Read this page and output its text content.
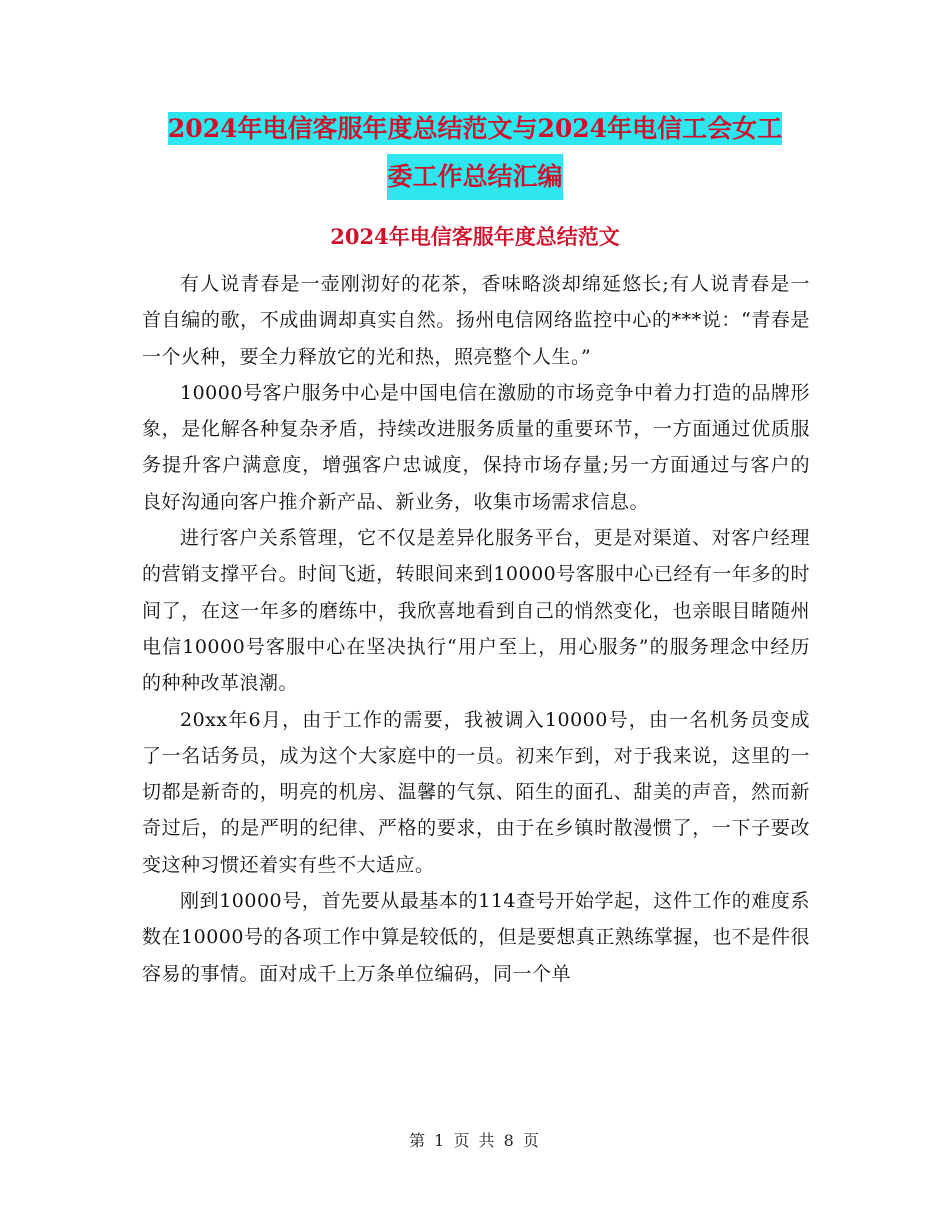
2024年电信客服年度总结范文与2024年电信工会女工
委工作总结汇编
2024年电信客服年度总结范文

有人说青春是一壶刚沏好的花茶，香味略淡却绵延悠长;有人说青春是一首自编的歌，不成曲调却真实自然。扬州电信网络监控中心的***说：“青春是一个火种，要全力释放它的光和热，照亮整个人生。”

10000号客户服务中心是中国电信在激励的市场竞争中着力打造的品牌形象，是化解各种复杂矛盾，持续改进服务质量的重要环节，一方面通过优质服务提升客户满意度，增强客户忠诚度，保持市场存量;另一方面通过与客户的良好沟通向客户推介新产品、新业务，收集市场需求信息。

进行客户关系管理，它不仅是差异化服务平台，更是对渠道、对客户经理的营销支撑平台。时间飞逝，转眼间来到10000号客服中心已经有一年多的时间了，在这一年多的磨练中，我欣喜地看到自己的悄然变化，也亲眼目睹随州电信10000号客服中心在坚决执行“用户至上，用心服务”的服务理念中经历的种种改革浪潮。

20xx年6月，由于工作的需要，我被调入10000号，由一名机务员变成了一名话务员，成为这个大家庭中的一员。初来乍到，对于我来说，这里的一切都是新奇的，明亮的机房、温馨的气氛、陌生的面孔、甜美的声音，然而新奇过后，的是严明的纪律、严格的要求，由于在乡镇时散漫惯了，一下子要改变这种习惯还着实有些不大适应。

刚到10000号，首先要从最基本的114查号开始学起，这件工作的难度系数在10000号的各项工作中算是较低的，但是要想真正熟练掌握，也不是件很容易的事情。面对成千上万条单位编码，同一个单

第 1 页 共 8 页
